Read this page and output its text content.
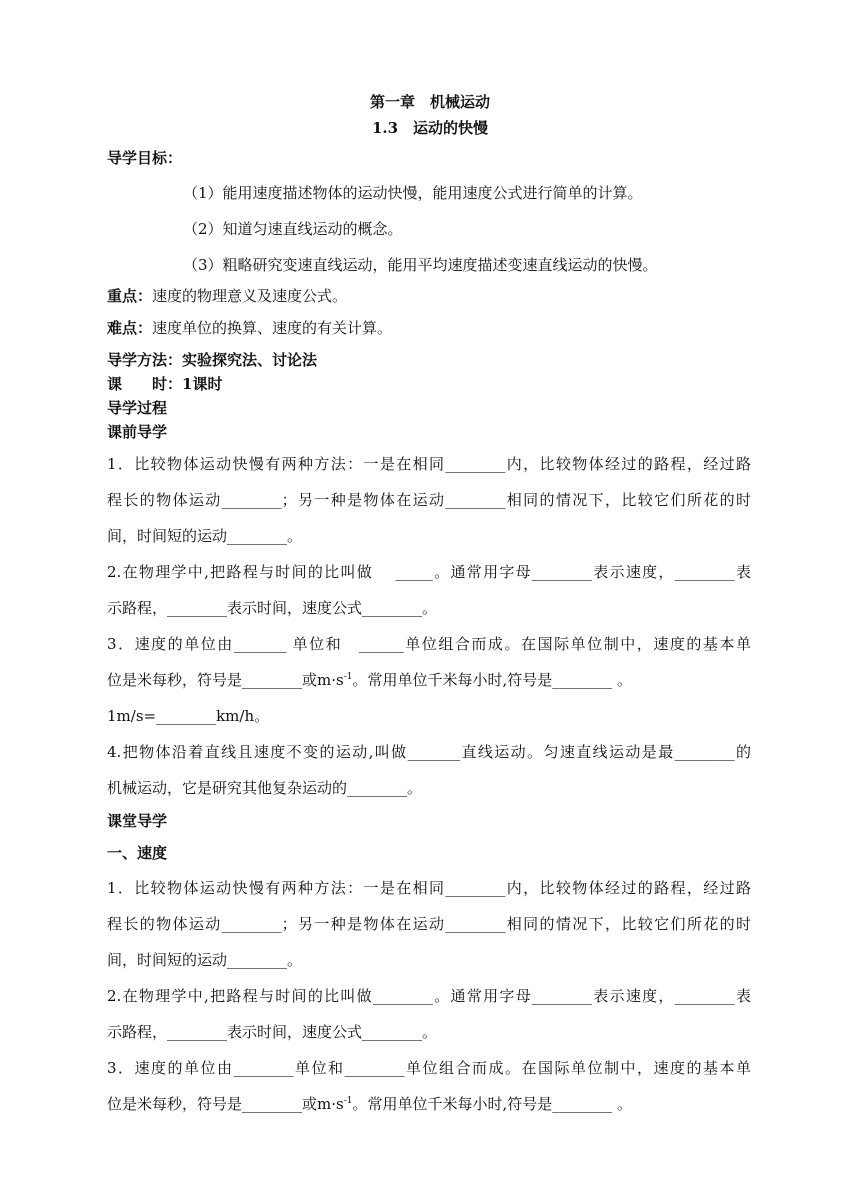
第一章　机械运动
1.3　运动的快慢
导学目标：
（1）能用速度描述物体的运动快慢，能用速度公式进行简单的计算。
（2）知道匀速直线运动的概念。
（3）粗略研究变速直线运动，能用平均速度描述变速直线运动的快慢。
重点：速度的物理意义及速度公式。
难点：速度单位的换算、速度的有关计算。
导学方法：实验探究法、讨论法
课　　时：1课时
导学过程
课前导学
1．比较物体运动快慢有两种方法：一是在相同________内，比较物体经过的路程，经过路
程长的物体运动________；另一种是物体在运动________相同的情况下，比较它们所花的时
间，时间短的运动________。
2.在物理学中,把路程与时间的比叫做　 _____。通常用字母________表示速度，________表
示路程，________表示时间，速度公式________。
3．速度的单位由_______ 单位和　______单位组合而成。在国际单位制中，速度的基本单
位是米每秒，符号是________或$m\cdot s^{-1}$。常用单位千米每小时,符号是________ 。
1m/s=________km/h。
4.把物体沿着直线且速度不变的运动,叫做_______直线运动。匀速直线运动是最________的
机械运动，它是研究其他复杂运动的________。
课堂导学
一、速度
1．比较物体运动快慢有两种方法：一是在相同________内，比较物体经过的路程，经过路
程长的物体运动________；另一种是物体在运动________相同的情况下，比较它们所花的时
间，时间短的运动________。
2.在物理学中,把路程与时间的比叫做________。通常用字母________表示速度，________表
示路程，________表示时间，速度公式________。
3．速度的单位由________单位和________单位组合而成。在国际单位制中，速度的基本单
位是米每秒，符号是________或$m\cdot s^{-1}$。常用单位千米每小时,符号是________ 。
